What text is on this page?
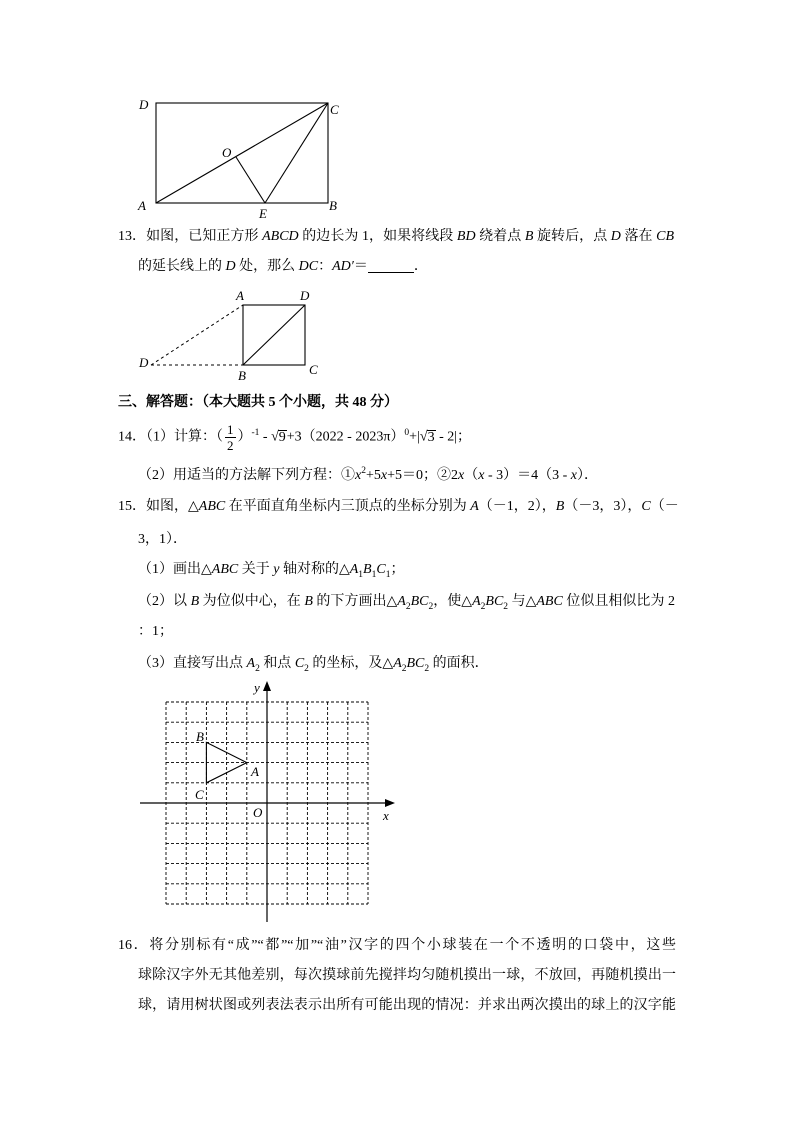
D	C
O
A
E
B
A	D
D
B	C
y
x
O
B
A
C
13．如图，已知正方形 ABCD 的边长为 1，如果将线段 BD 绕着点 B 旋转后，点 D 落在 CB
的延长线上的 D 处，那么 DC：AD′＝	．
三、解答题：（本大题共 5 个小题，共 48 分）
14．（1）计算：（ $\frac{1}{2} )^{-1} - √9+3(2022 - 2023\pi)^0+|√3 - 2|$；
（2）用适当的方法解下列方程：$①x^2+5x+5=0$；②2x（x - 3）＝4（3 - x）．
15．如图，△ABC 在平面直角坐标内三顶点的坐标分别为 A（－1，2），B（－3，3），C（－
3，1）．
（1）画出△ABC 关于 y 轴对称的$\triangle A_1B_1C_1$；
（2）以 B 为位似中心，在 B 的下方画出$\triangle A_2BC_2$，使$\triangle A_2BC_2$ 与△ABC 位似且相似比为 2
：1；
（3）直接写出点 $A_2$ 和点 $C_2$ 的坐标，及$\triangle A_2BC_2$ 的面积．
16．将分别标有“成”“都”“加”“油”汉字的四个小球装在一个不透明的口袋中，这些
球除汉字外无其他差别，每次摸球前先搅拌均匀随机摸出一球，不放回，再随机摸出一
球，请用树状图或列表法表示出所有可能出现的情况：并求出两次摸出的球上的汉字能
